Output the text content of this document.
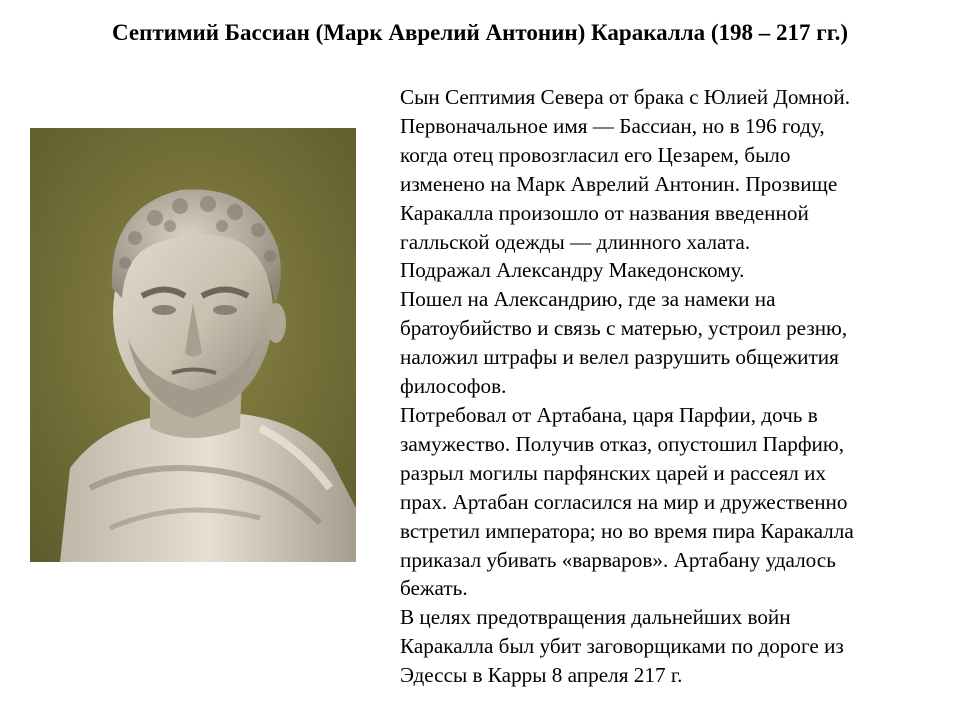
Септимий Бассиан (Марк Аврелий Антонин) Каракалла (198 – 217 гг.)
Сын Септимия Севера от брака с Юлией Домной.
Первоначальное имя — Бассиан, но в 196 году,
когда отец провозгласил его Цезарем, было
изменено на Марк Аврелий Антонин. Прозвище
Каракалла произошло от названия введенной
галльской одежды — длинного халата.
Подражал Александру Македонскому.
Пошел на Александрию, где за намеки на
братоубийство и связь с матерью, устроил резню,
наложил штрафы и велел разрушить общежития
философов.
Потребовал от Артабана, царя Парфии, дочь в
замужество. Получив отказ, опустошил Парфию,
разрыл могилы парфянских царей и рассеял их
прах. Артабан согласился на мир и дружественно
встретил императора; но во время пира Каракалла
приказал убивать «варваров». Артабану удалось
бежать.
В целях предотвращения дальнейших войн
Каракалла был убит заговорщиками по дороге из
Эдессы в Карры 8 апреля 217 г.
